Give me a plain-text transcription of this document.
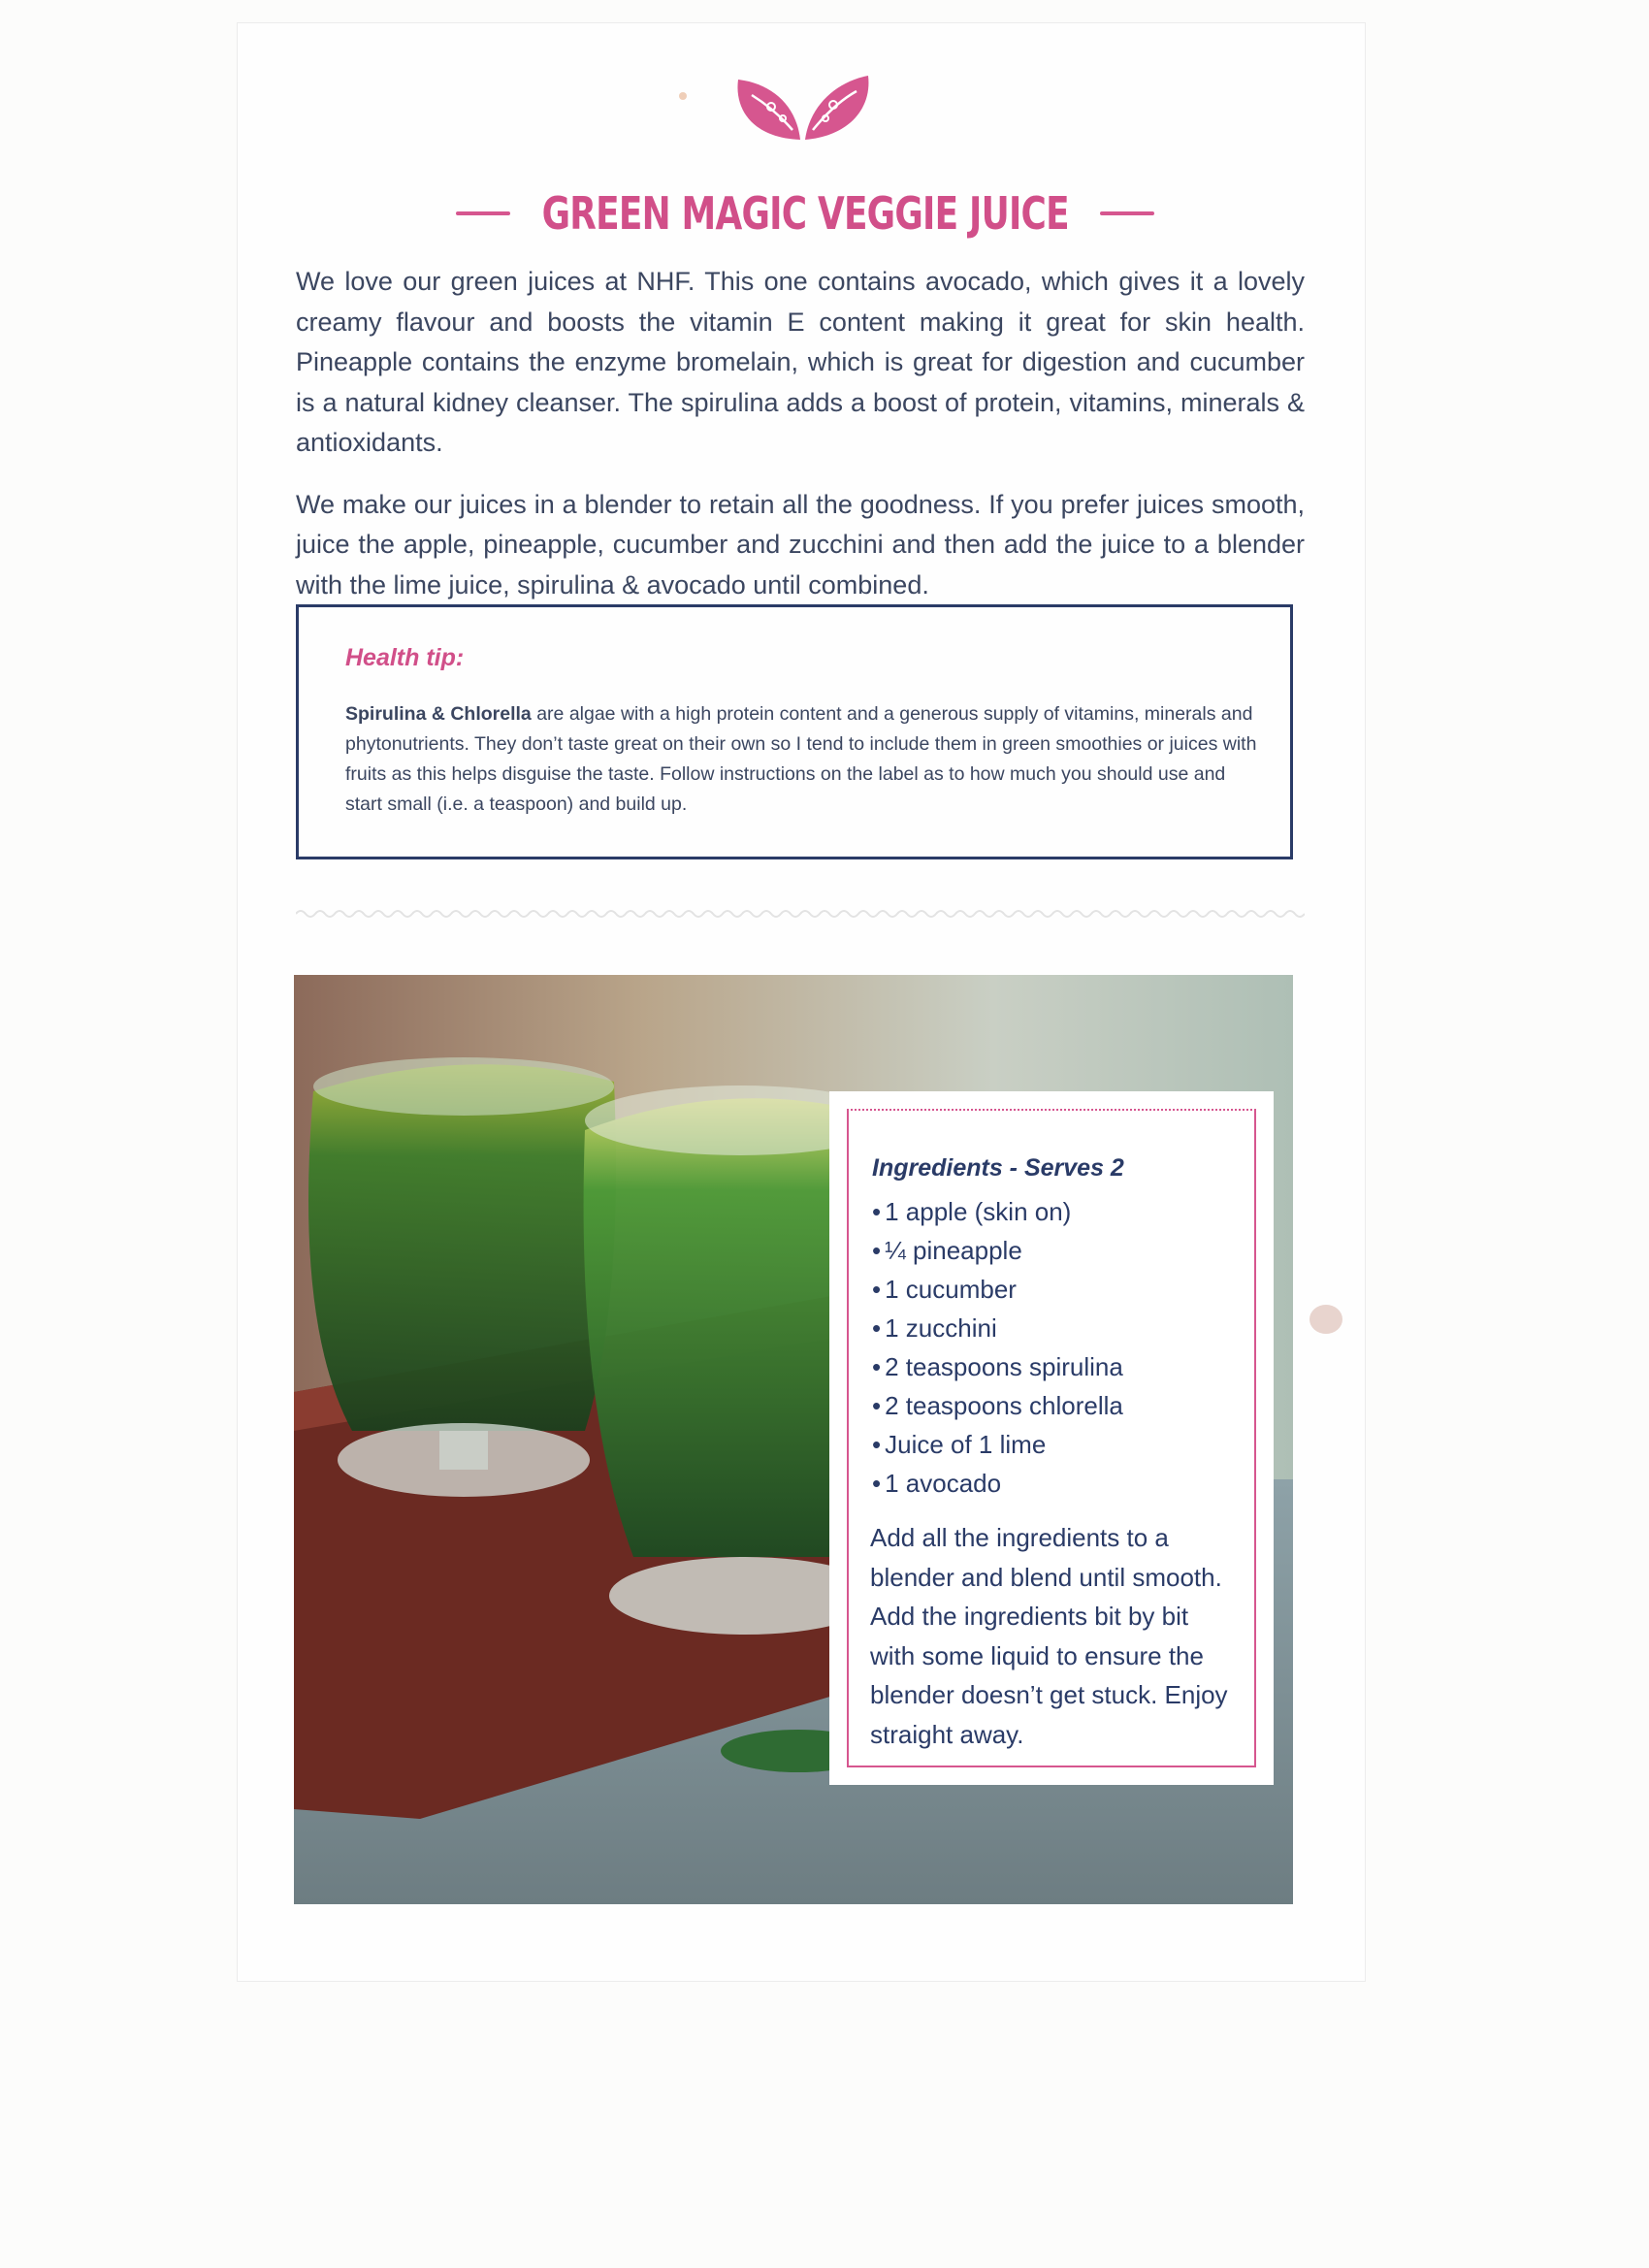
GREEN MAGIC VEGGIE JUICE

We love our green juices at NHF. This one contains avocado, which gives it a lovely creamy flavour and boosts the vitamin E content making it great for skin health. Pineapple contains the enzyme bromelain, which is great for digestion and cucumber is a natural kidney cleanser. The spirulina adds a boost of protein, vitamins, minerals & antioxidants.

We make our juices in a blender to retain all the goodness. If you prefer juices smooth, juice the apple, pineapple, cucumber and zucchini and then add the juice to a blender with the lime juice, spirulina & avocado until combined.

Health tip:
Spirulina & Chlorella are algae with a high protein content and a generous supply of vitamins, minerals and phytonutrients. They don’t taste great on their own so I tend to include them in green smoothies or juices with fruits as this helps disguise the taste. Follow instructions on the label as to how much you should use and start small (i.e. a teaspoon) and build up.
Ingredients - Serves 2
• 1 apple (skin on)
• ¼ pineapple
• 1 cucumber
• 1 zucchini
• 2 teaspoons spirulina
• 2 teaspoons chlorella
• Juice of 1 lime
• 1 avocado
Add all the ingredients to a blender and blend until smooth. Add the ingredients bit by bit with some liquid to ensure the blender doesn’t get stuck. Enjoy straight away.
